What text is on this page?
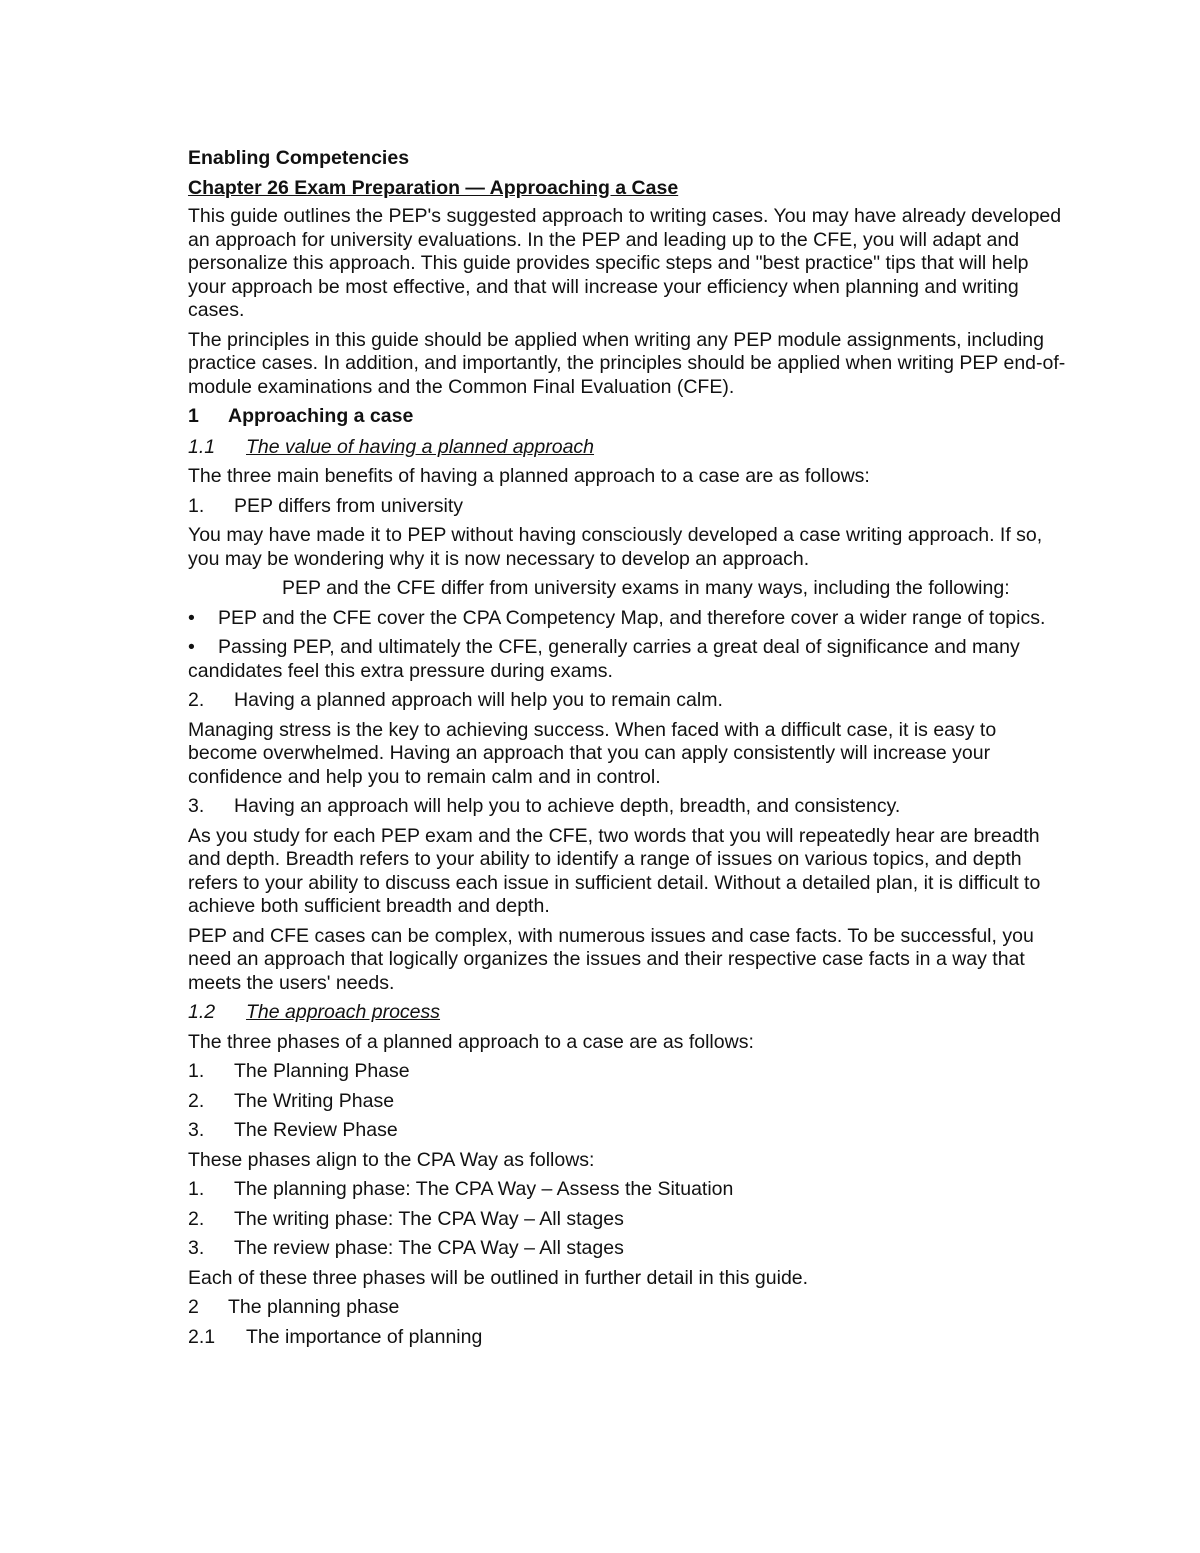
Enabling Competencies

Chapter 26 Exam Preparation — Approaching a Case

This guide outlines the PEP's suggested approach to writing cases. You may have already developed an approach for university evaluations. In the PEP and leading up to the CFE, you will adapt and personalize this approach. This guide provides specific steps and "best practice" tips that will help your approach be most effective, and that will increase your efficiency when planning and writing cases.

The principles in this guide should be applied when writing any PEP module assignments, including practice cases. In addition, and importantly, the principles should be applied when writing PEP end-of-module examinations and the Common Final Evaluation (CFE).

1 Approaching a case

1.1 The value of having a planned approach

The three main benefits of having a planned approach to a case are as follows:

1. PEP differs from university

You may have made it to PEP without having consciously developed a case writing approach. If so, you may be wondering why it is now necessary to develop an approach.

PEP and the CFE differ from university exams in many ways, including the following:

• PEP and the CFE cover the CPA Competency Map, and therefore cover a wider range of topics.

• Passing PEP, and ultimately the CFE, generally carries a great deal of significance and many candidates feel this extra pressure during exams.

2. Having a planned approach will help you to remain calm.

Managing stress is the key to achieving success. When faced with a difficult case, it is easy to become overwhelmed. Having an approach that you can apply consistently will increase your confidence and help you to remain calm and in control.

3. Having an approach will help you to achieve depth, breadth, and consistency.

As you study for each PEP exam and the CFE, two words that you will repeatedly hear are breadth and depth. Breadth refers to your ability to identify a range of issues on various topics, and depth refers to your ability to discuss each issue in sufficient detail. Without a detailed plan, it is difficult to achieve both sufficient breadth and depth.

PEP and CFE cases can be complex, with numerous issues and case facts. To be successful, you need an approach that logically organizes the issues and their respective case facts in a way that meets the users' needs.

1.2 The approach process

The three phases of a planned approach to a case are as follows:

1. The Planning Phase

2. The Writing Phase

3. The Review Phase

These phases align to the CPA Way as follows:

1. The planning phase: The CPA Way – Assess the Situation

2. The writing phase: The CPA Way – All stages

3. The review phase: The CPA Way – All stages

Each of these three phases will be outlined in further detail in this guide.

2 The planning phase

2.1 The importance of planning
